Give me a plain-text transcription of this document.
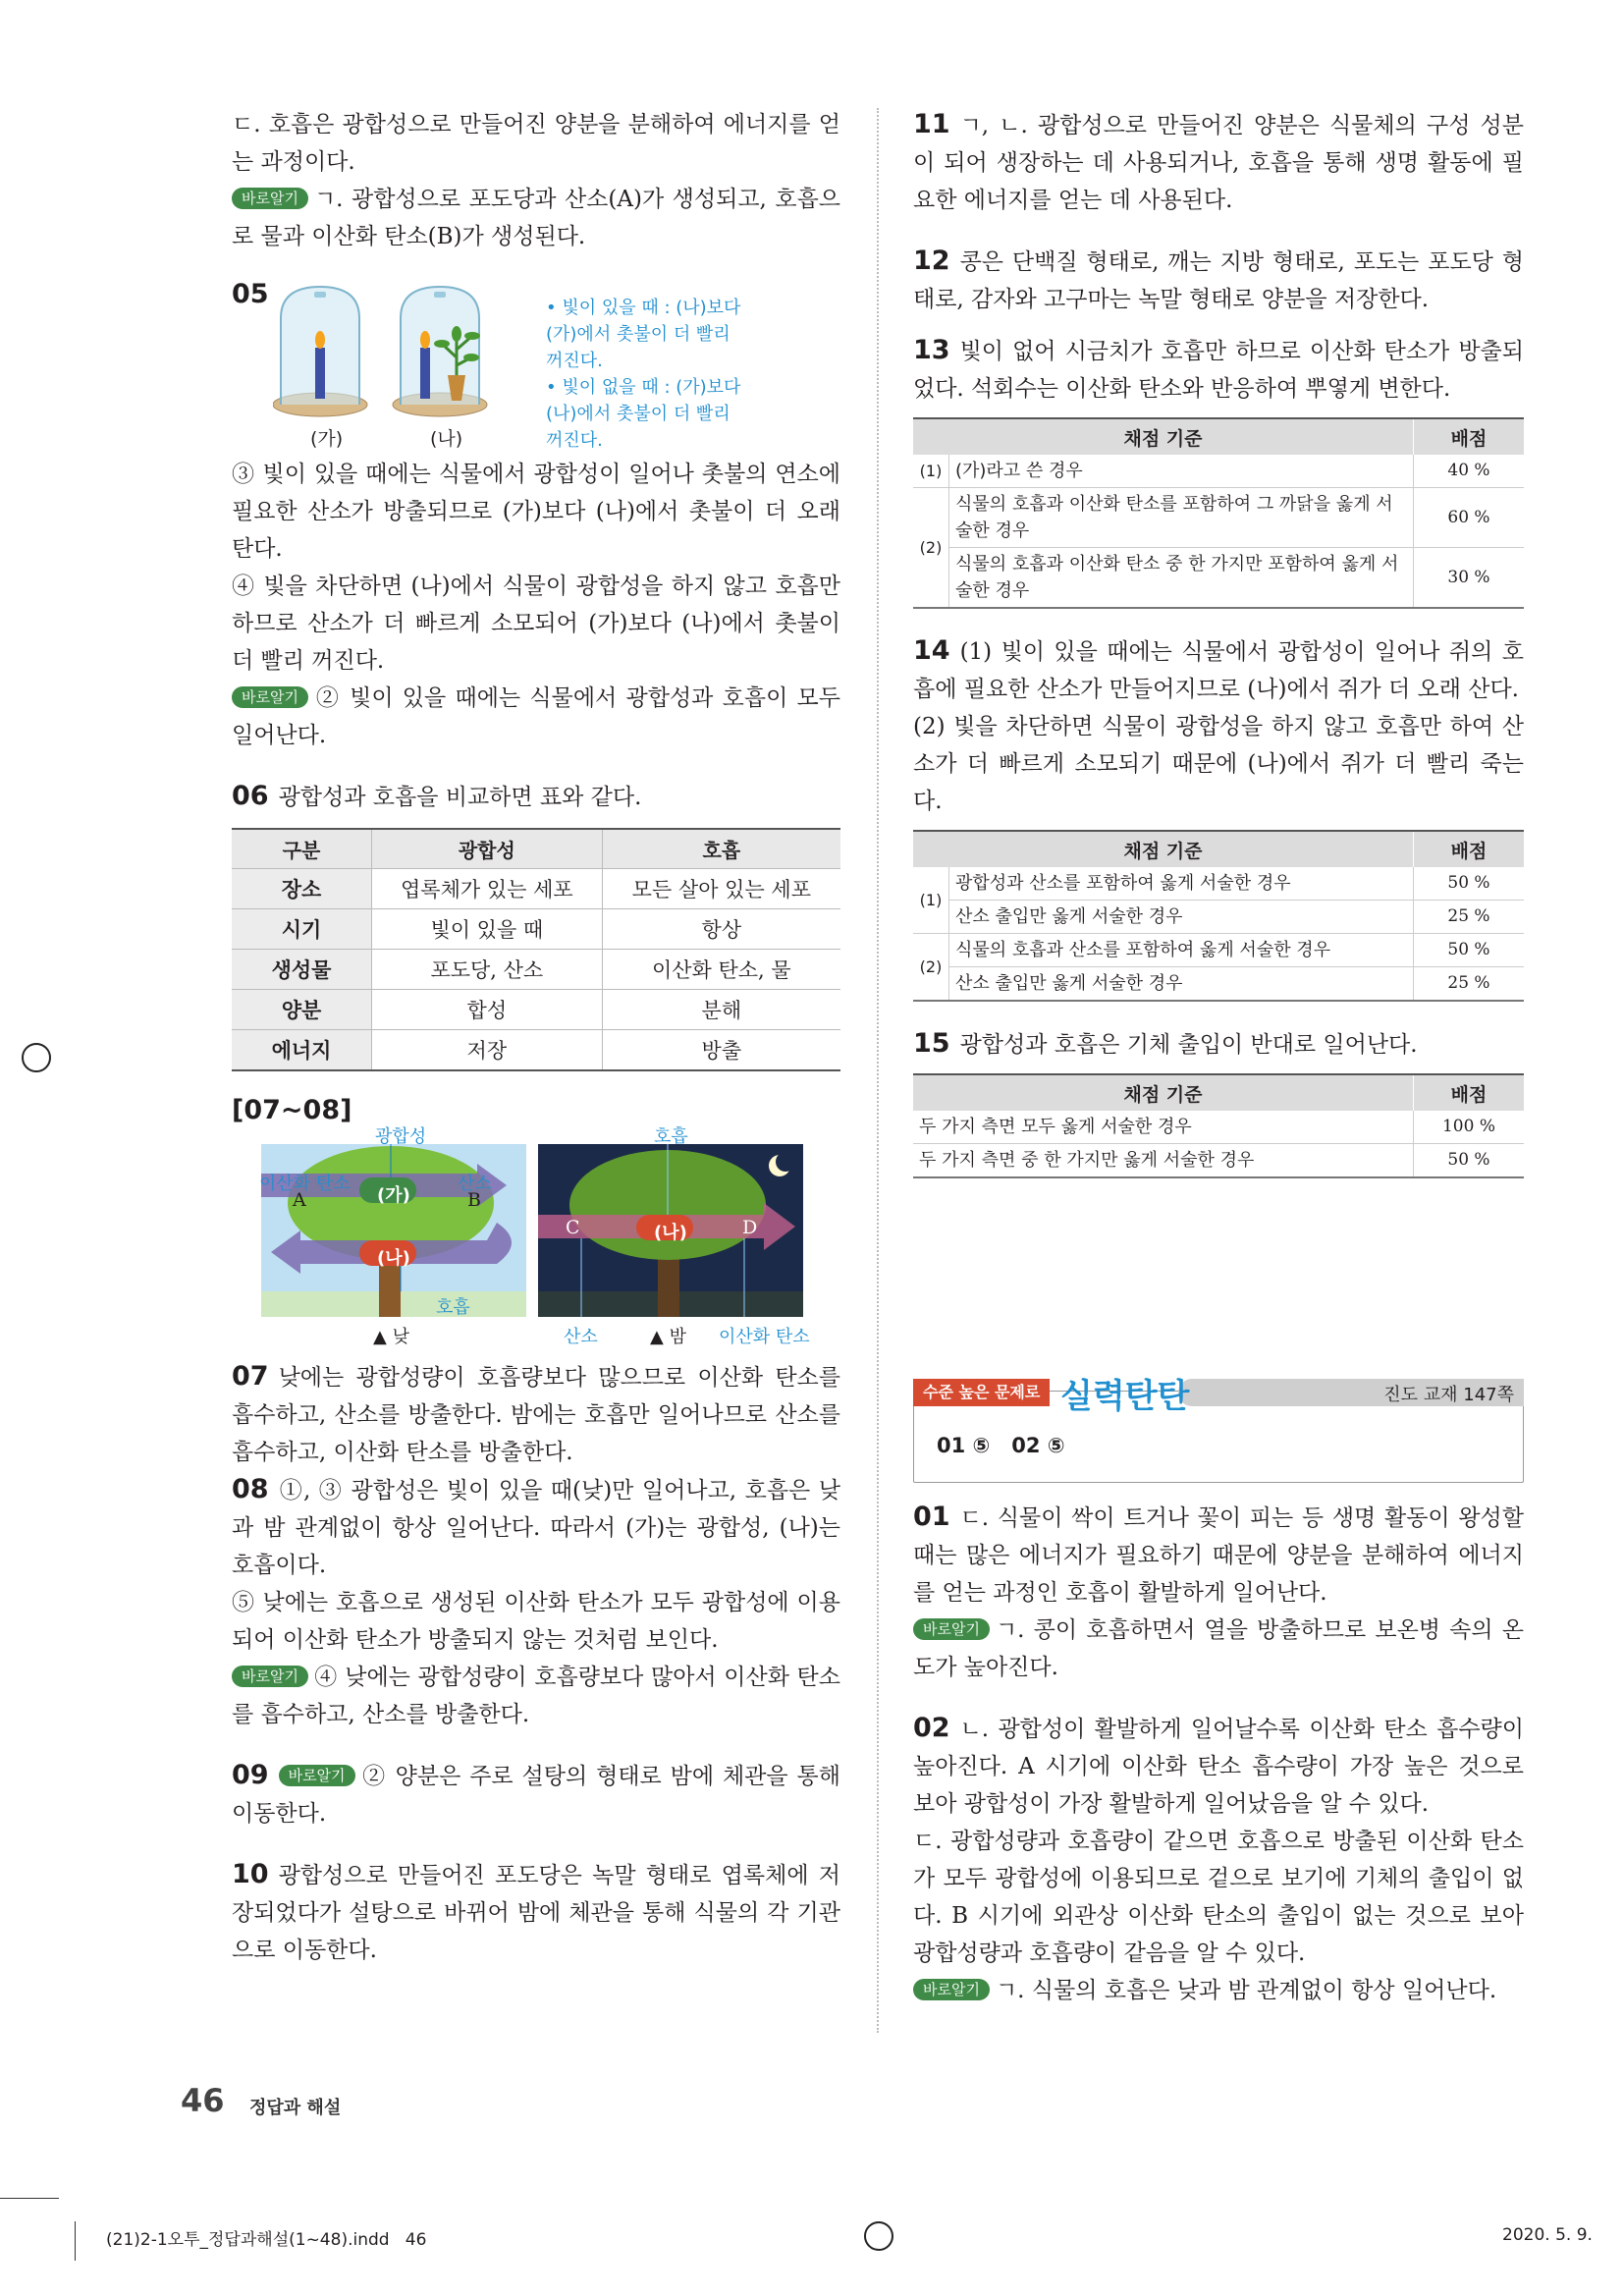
ㄷ. 호흡은 광합성으로 만들어진 양분을 분해하여 에너지를 얻는 과정이다.

바로알기 ㄱ. 광합성으로 포도당과 산소(A)가 생성되고, 호흡으로 물과 이산화 탄소(B)가 생성된다.

05
(가)	(나)
• 빛이 있을 때 : (나)보다 (가)에서 촛불이 더 빨리 꺼진다.
• 빛이 없을 때 : (가)보다 (나)에서 촛불이 더 빨리 꺼진다.

③ 빛이 있을 때에는 식물에서 광합성이 일어나 촛불의 연소에 필요한 산소가 방출되므로 (가)보다 (나)에서 촛불이 더 오래 탄다.

④ 빛을 차단하면 (나)에서 식물이 광합성을 하지 않고 호흡만 하므로 산소가 더 빠르게 소모되어 (가)보다 (나)에서 촛불이 더 빨리 꺼진다.

바로알기 ② 빛이 있을 때에는 식물에서 광합성과 호흡이 모두 일어난다.

06 광합성과 호흡을 비교하면 표와 같다.

구분	광합성	호흡
장소	엽록체가 있는 세포	모든 살아 있는 세포
시기	빛이 있을 때	항상
생성물	포도당, 산소	이산화 탄소, 물
양분	합성	분해
에너지	저장	방출
[07~08]
광합성
이산화 탄소
A
산소
B
(가)
(나)
호흡
▲ 낮
호흡
C	(나)	D
산소	▲ 밤 이산화 탄소

07 낮에는 광합성량이 호흡량보다 많으므로 이산화 탄소를 흡수하고, 산소를 방출한다. 밤에는 호흡만 일어나므로 산소를 흡수하고, 이산화 탄소를 방출한다.

08 ①, ③ 광합성은 빛이 있을 때(낮)만 일어나고, 호흡은 낮과 밤 관계없이 항상 일어난다. 따라서 (가)는 광합성, (나)는 호흡이다.

⑤ 낮에는 호흡으로 생성된 이산화 탄소가 모두 광합성에 이용되어 이산화 탄소가 방출되지 않는 것처럼 보인다.

바로알기 ④ 낮에는 광합성량이 호흡량보다 많아서 이산화 탄소를 흡수하고, 산소를 방출한다.

09 바로알기 ② 양분은 주로 설탕의 형태로 밤에 체관을 통해 이동한다.

10 광합성으로 만들어진 포도당은 녹말 형태로 엽록체에 저장되었다가 설탕으로 바뀌어 밤에 체관을 통해 식물의 각 기관으로 이동한다.

11 ㄱ, ㄴ. 광합성으로 만들어진 양분은 식물체의 구성 성분이 되어 생장하는 데 사용되거나, 호흡을 통해 생명 활동에 필요한 에너지를 얻는 데 사용된다.

12 콩은 단백질 형태로, 깨는 지방 형태로, 포도는 포도당 형태로, 감자와 고구마는 녹말 형태로 양분을 저장한다.

13 빛이 없어 시금치가 호흡만 하므로 이산화 탄소가 방출되었다. 석회수는 이산화 탄소와 반응하여 뿌옇게 변한다.

채점 기준		배점
(1)	(가)라고 쓴 경우	40 %
(2)	식물의 호흡과 이산화 탄소를 포함하여 그 까닭을 옳게 서술한 경우	60 %
	식물의 호흡과 이산화 탄소 중 한 가지만 포함하여 옳게 서술한 경우	30 %

14 (1) 빛이 있을 때에는 식물에서 광합성이 일어나 쥐의 호흡에 필요한 산소가 만들어지므로 (나)에서 쥐가 더 오래 산다.

(2) 빛을 차단하면 식물이 광합성을 하지 않고 호흡만 하여 산소가 더 빠르게 소모되기 때문에 (나)에서 쥐가 더 빨리 죽는다.

채점 기준		배점
(1)	광합성과 산소를 포함하여 옳게 서술한 경우	50 %
	산소 출입만 옳게 서술한 경우	25 %
(2)	식물의 호흡과 산소를 포함하여 옳게 서술한 경우	50 %
	산소 출입만 옳게 서술한 경우	25 %

15 광합성과 호흡은 기체 출입이 반대로 일어난다.

채점 기준	배점
두 가지 측면 모두 옳게 서술한 경우	100 %
두 가지 측면 중 한 가지만 옳게 서술한 경우	50 %
수준 높은 문제로 실력탄탄	진도 교재 147쪽
01 ⑤   02 ⑤

01 ㄷ. 식물이 싹이 트거나 꽃이 피는 등 생명 활동이 왕성할 때는 많은 에너지가 필요하기 때문에 양분을 분해하여 에너지를 얻는 과정인 호흡이 활발하게 일어난다.

바로알기 ㄱ. 콩이 호흡하면서 열을 방출하므로 보온병 속의 온도가 높아진다.

02 ㄴ. 광합성이 활발하게 일어날수록 이산화 탄소 흡수량이 높아진다. A 시기에 이산화 탄소 흡수량이 가장 높은 것으로 보아 광합성이 가장 활발하게 일어났음을 알 수 있다.

ㄷ. 광합성량과 호흡량이 같으면 호흡으로 방출된 이산화 탄소가 모두 광합성에 이용되므로 겉으로 보기에 기체의 출입이 없다. B 시기에 외관상 이산화 탄소의 출입이 없는 것으로 보아 광합성량과 호흡량이 같음을 알 수 있다.

바로알기 ㄱ. 식물의 호흡은 낮과 밤 관계없이 항상 일어난다.

46 정답과 해설
(21)2-1오투_정답과해설(1~48).indd   46	2020. 5. 9.
